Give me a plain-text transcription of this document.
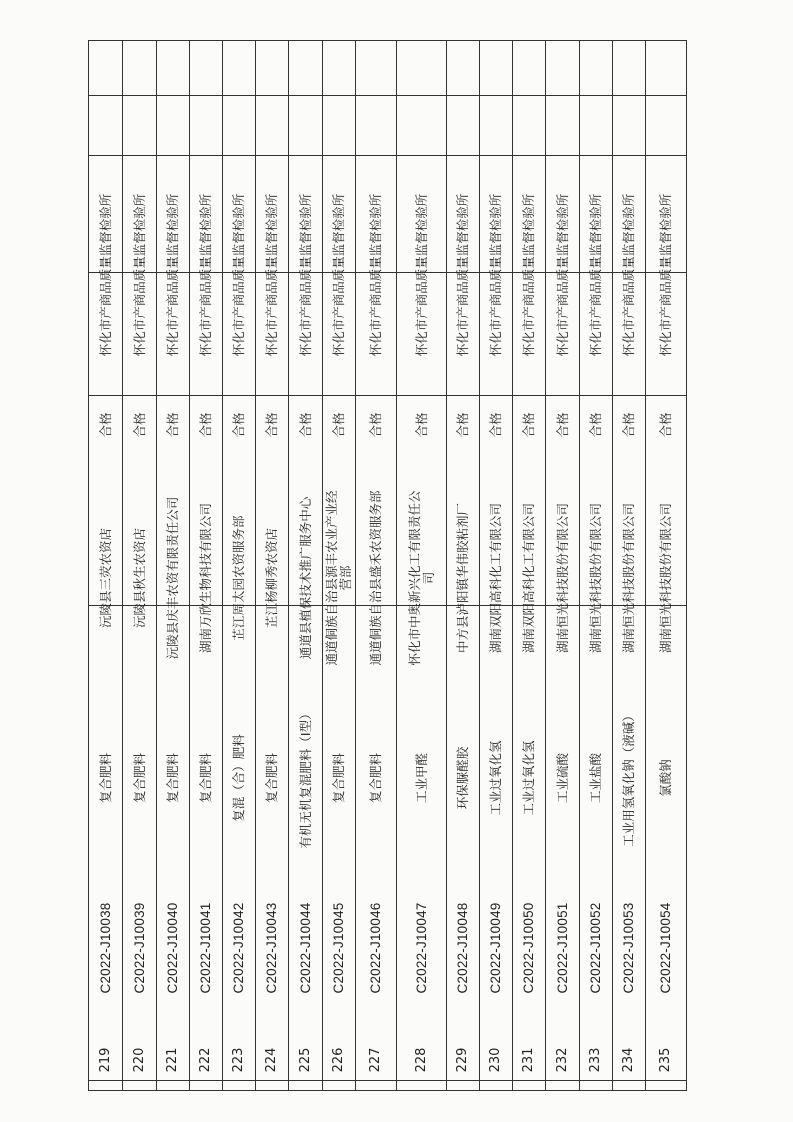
219
C2022-J10038
复合肥料
沅陵县三荧农资店
合格
怀化市产商品质量监督检验所
220
C2022-J10039
复合肥料
沅陵县秋生农资店
合格
怀化市产商品质量监督检验所
221
C2022-J10040
复合肥料
沅陵县庆丰农资有限责任公司
合格
怀化市产商品质量监督检验所
222
C2022-J10041
复合肥料
湖南万欣生物科技有限公司
合格
怀化市产商品质量监督检验所
223
C2022-J10042
复混（合）肥料
芷江周太园农资服务部
合格
怀化市产商品质量监督检验所
224
C2022-J10043
复合肥料
芷江杨柳秀农资店
合格
怀化市产商品质量监督检验所
225
C2022-J10044
有机无机复混肥料（Ⅰ型）
通道县植保技术推广服务中心
合格
怀化市产商品质量监督检验所
226
C2022-J10045
复合肥料
通道侗族自治县源丰农业产业经 营部
合格
怀化市产商品质量监督检验所
227
C2022-J10046
复合肥料
通道侗族自治县盛禾农资服务部
合格
怀化市产商品质量监督检验所
228
C2022-J10047
工业甲醛
怀化市中奥新兴化工有限责任公 司
合格
怀化市产商品质量监督检验所
229
C2022-J10048
环保脲醛胶
中方县泸阳镇华伟胶粘剂厂
合格
怀化市产商品质量监督检验所
230
C2022-J10049
工业过氧化氢
湖南双阳高科化工有限公司
合格
怀化市产商品质量监督检验所
231
C2022-J10050
工业过氧化氢
湖南双阳高科化工有限公司
合格
怀化市产商品质量监督检验所
232
C2022-J10051
工业硫酸
湖南恒光科技股份有限公司
合格
怀化市产商品质量监督检验所
233
C2022-J10052
工业盐酸
湖南恒光科技股份有限公司
合格
怀化市产商品质量监督检验所
234
C2022-J10053
工业用氢氧化钠（液碱）
湖南恒光科技股份有限公司
合格
怀化市产商品质量监督检验所
235
C2022-J10054
氯酸钠
湖南恒光科技股份有限公司
合格
怀化市产商品质量监督检验所
